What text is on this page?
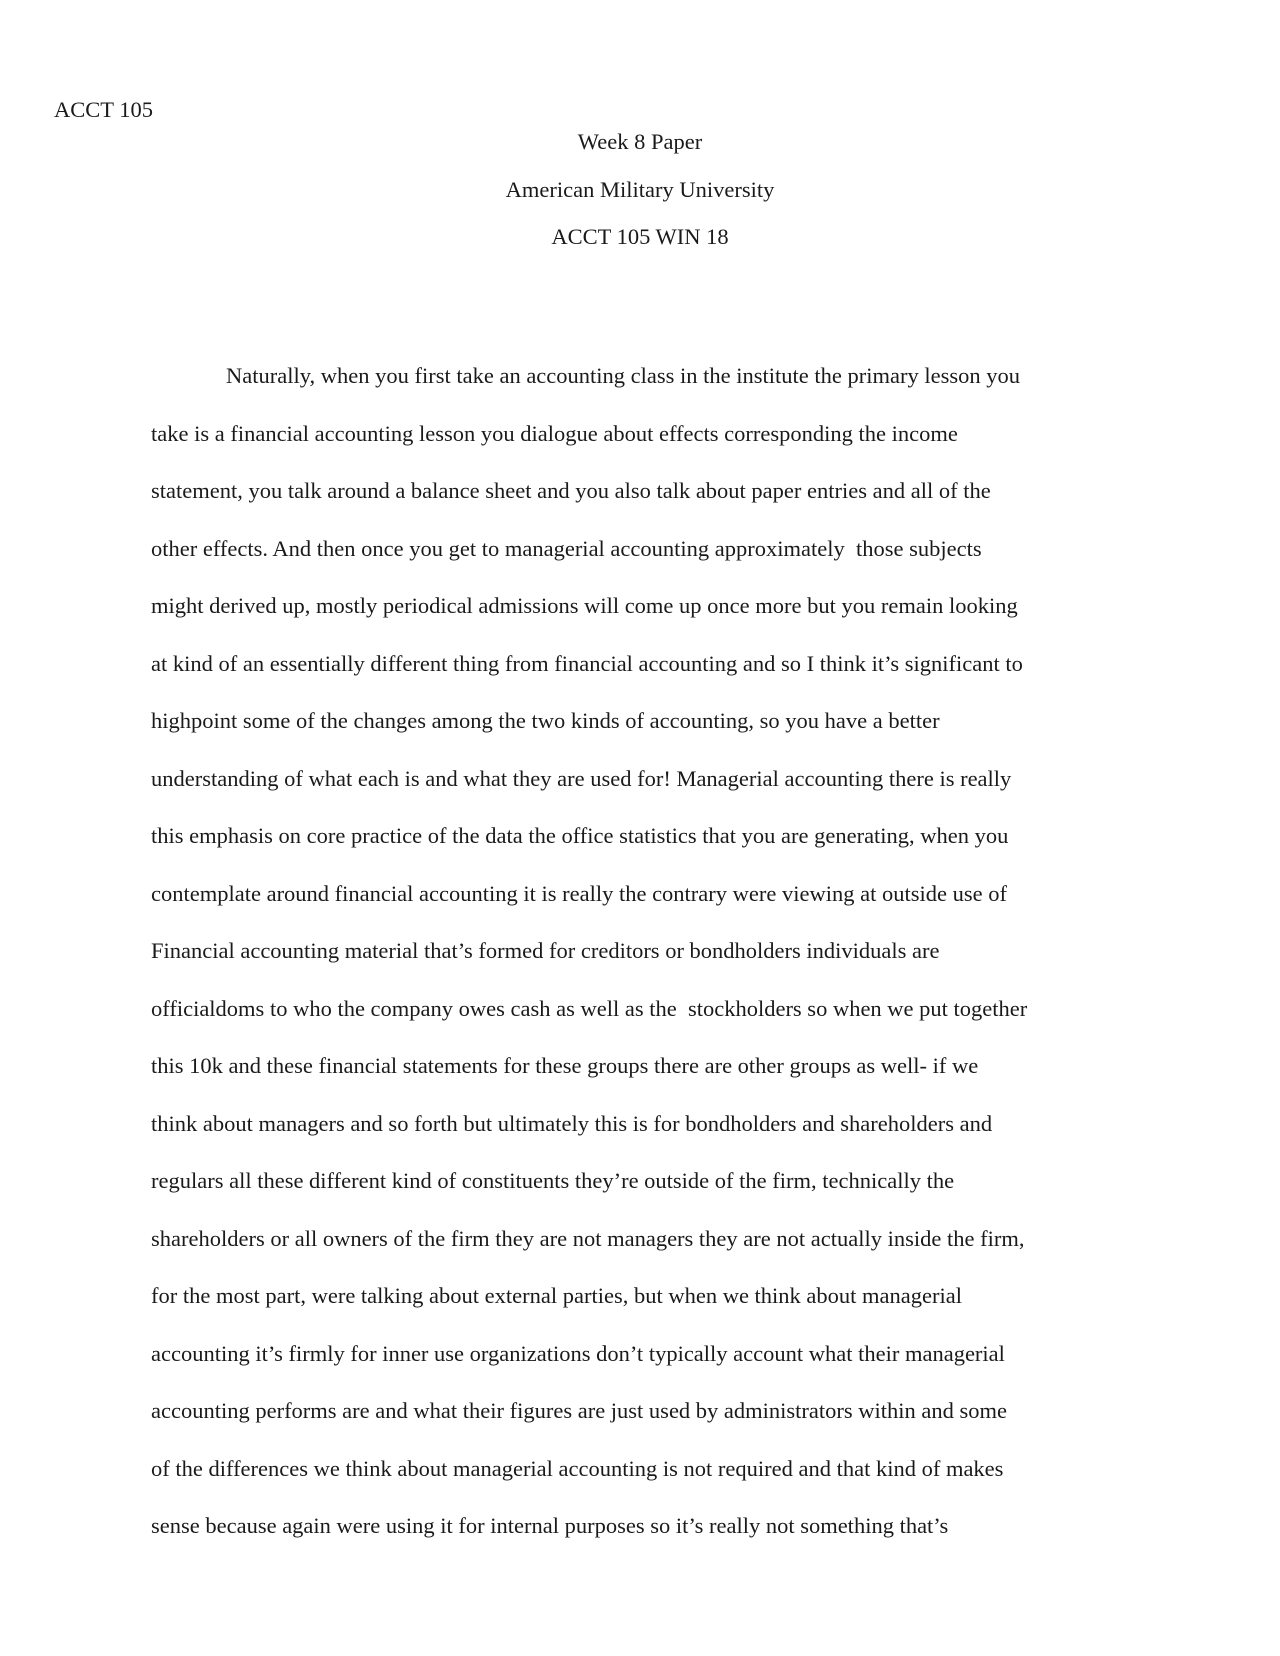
ACCT 105
Week 8 Paper
American Military University
ACCT 105 WIN 18
Naturally, when you first take an accounting class in the institute the primary lesson you
take is a financial accounting lesson you dialogue about effects corresponding the income
statement, you talk around a balance sheet and you also talk about paper entries and all of the
other effects. And then once you get to managerial accounting approximately  those subjects
might derived up, mostly periodical admissions will come up once more but you remain looking
at kind of an essentially different thing from financial accounting and so I think it’s significant to
highpoint some of the changes among the two kinds of accounting, so you have a better
understanding of what each is and what they are used for! Managerial accounting there is really
this emphasis on core practice of the data the office statistics that you are generating, when you
contemplate around financial accounting it is really the contrary were viewing at outside use of
Financial accounting material that’s formed for creditors or bondholders individuals are
officialdoms to who the company owes cash as well as the  stockholders so when we put together
this 10k and these financial statements for these groups there are other groups as well- if we
think about managers and so forth but ultimately this is for bondholders and shareholders and
regulars all these different kind of constituents they’re outside of the firm, technically the
shareholders or all owners of the firm they are not managers they are not actually inside the firm,
for the most part, were talking about external parties, but when we think about managerial
accounting it’s firmly for inner use organizations don’t typically account what their managerial
accounting performs are and what their figures are just used by administrators within and some
of the differences we think about managerial accounting is not required and that kind of makes
sense because again were using it for internal purposes so it’s really not something that’s
